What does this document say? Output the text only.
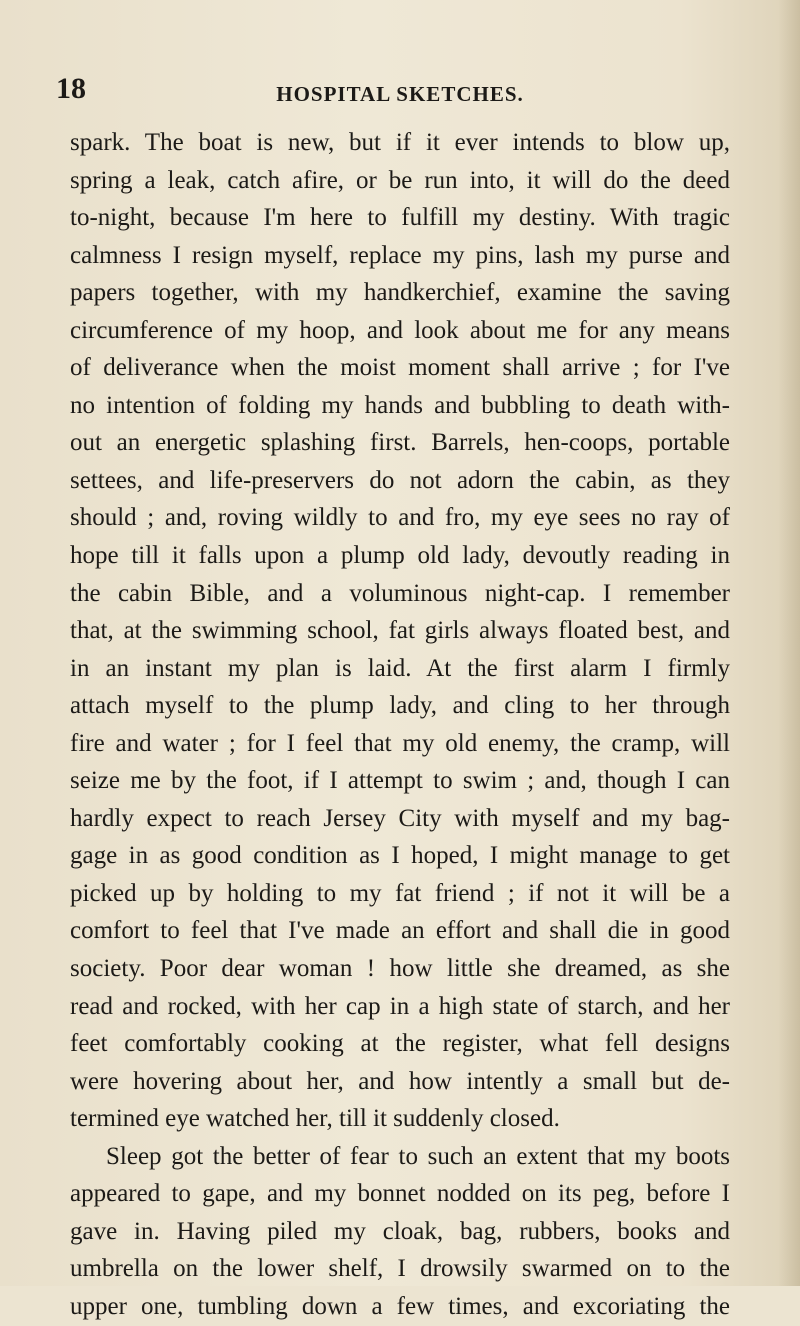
18	HOSPITAL SKETCHES.
spark. The boat is new, but if it ever intends to blow up,
spring a leak, catch afire, or be run into, it will do the deed
to-night, because I'm here to fulfill my destiny. With tragic
calmness I resign myself, replace my pins, lash my purse and
papers together, with my handkerchief, examine the saving
circumference of my hoop, and look about me for any means
of deliverance when the moist moment shall arrive ; for I've
no intention of folding my hands and bubbling to death with-
out an energetic splashing first. Barrels, hen-coops, portable
settees, and life-preservers do not adorn the cabin, as they
should ; and, roving wildly to and fro, my eye sees no ray of
hope till it falls upon a plump old lady, devoutly reading in
the cabin Bible, and a voluminous night-cap. I remember
that, at the swimming school, fat girls always floated best, and
in an instant my plan is laid. At the first alarm I firmly
attach myself to the plump lady, and cling to her through
fire and water ; for I feel that my old enemy, the cramp, will
seize me by the foot, if I attempt to swim ; and, though I can
hardly expect to reach Jersey City with myself and my bag-
gage in as good condition as I hoped, I might manage to get
picked up by holding to my fat friend ; if not it will be a
comfort to feel that I've made an effort and shall die in good
society. Poor dear woman ! how little she dreamed, as she
read and rocked, with her cap in a high state of starch, and her
feet comfortably cooking at the register, what fell designs
were hovering about her, and how intently a small but de-
termined eye watched her, till it suddenly closed.
Sleep got the better of fear to such an extent that my boots
appeared to gape, and my bonnet nodded on its peg, before I
gave in. Having piled my cloak, bag, rubbers, books and
umbrella on the lower shelf, I drowsily swarmed on to the
upper one, tumbling down a few times, and excoriating the
